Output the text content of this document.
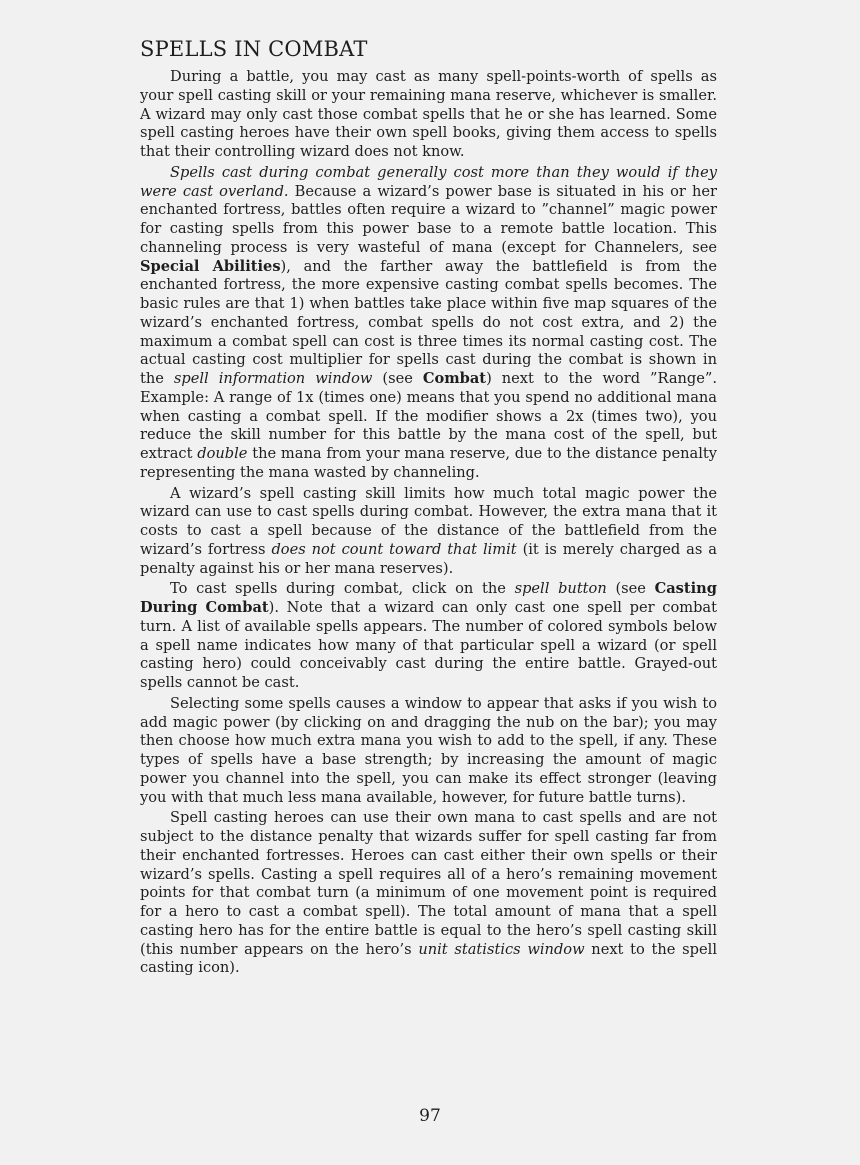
SPELLS IN COMBAT

During a battle, you may cast as many spell-points-worth of spells as your spell casting skill or your remaining mana reserve, whichever is smaller. A wizard may only cast those combat spells that he or she has learned. Some spell casting heroes have their own spell books, giving them access to spells that their controlling wizard does not know.

Spells cast during combat generally cost more than they would if they were cast overland. Because a wizard’s power base is situated in his or her enchanted fortress, battles often require a wizard to ”channel” magic power for casting spells from this power base to a remote battle location. This channeling process is very wasteful of mana (except for Channelers, see Special Abilities), and the farther away the battlefield is from the enchanted fortress, the more expensive casting combat spells becomes. The basic rules are that 1) when battles take place within five map squares of the wizard’s enchanted fortress, combat spells do not cost extra, and 2) the maximum a combat spell can cost is three times its normal casting cost. The actual casting cost multiplier for spells cast during the combat is shown in the spell information window (see Combat) next to the word ”Range”. Example: A range of 1x (times one) means that you spend no additional mana when casting a combat spell. If the modifier shows a 2x (times two), you reduce the skill number for this battle by the mana cost of the spell, but extract double the mana from your mana reserve, due to the distance penalty representing the mana wasted by channeling.

A wizard’s spell casting skill limits how much total magic power the wizard can use to cast spells during combat. However, the extra mana that it costs to cast a spell because of the distance of the battlefield from the wizard’s fortress does not count toward that limit (it is merely charged as a penalty against his or her mana reserves).

To cast spells during combat, click on the spell button (see Casting During Combat). Note that a wizard can only cast one spell per combat turn. A list of available spells appears. The number of colored symbols below a spell name indicates how many of that particular spell a wizard (or spell casting hero) could conceivably cast during the entire battle. Grayed-out spells cannot be cast.

Selecting some spells causes a window to appear that asks if you wish to add magic power (by clicking on and dragging the nub on the bar); you may then choose how much extra mana you wish to add to the spell, if any. These types of spells have a base strength; by increasing the amount of magic power you channel into the spell, you can make its effect stronger (leaving you with that much less mana available, however, for future battle turns).

Spell casting heroes can use their own mana to cast spells and are not subject to the distance penalty that wizards suffer for spell casting far from their enchanted fortresses. Heroes can cast either their own spells or their wizard’s spells. Casting a spell requires all of a hero’s remaining movement points for that combat turn (a minimum of one movement point is required for a hero to cast a combat spell). The total amount of mana that a spell casting hero has for the entire battle is equal to the hero’s spell casting skill (this number appears on the hero’s unit statistics window next to the spell casting icon).

97
